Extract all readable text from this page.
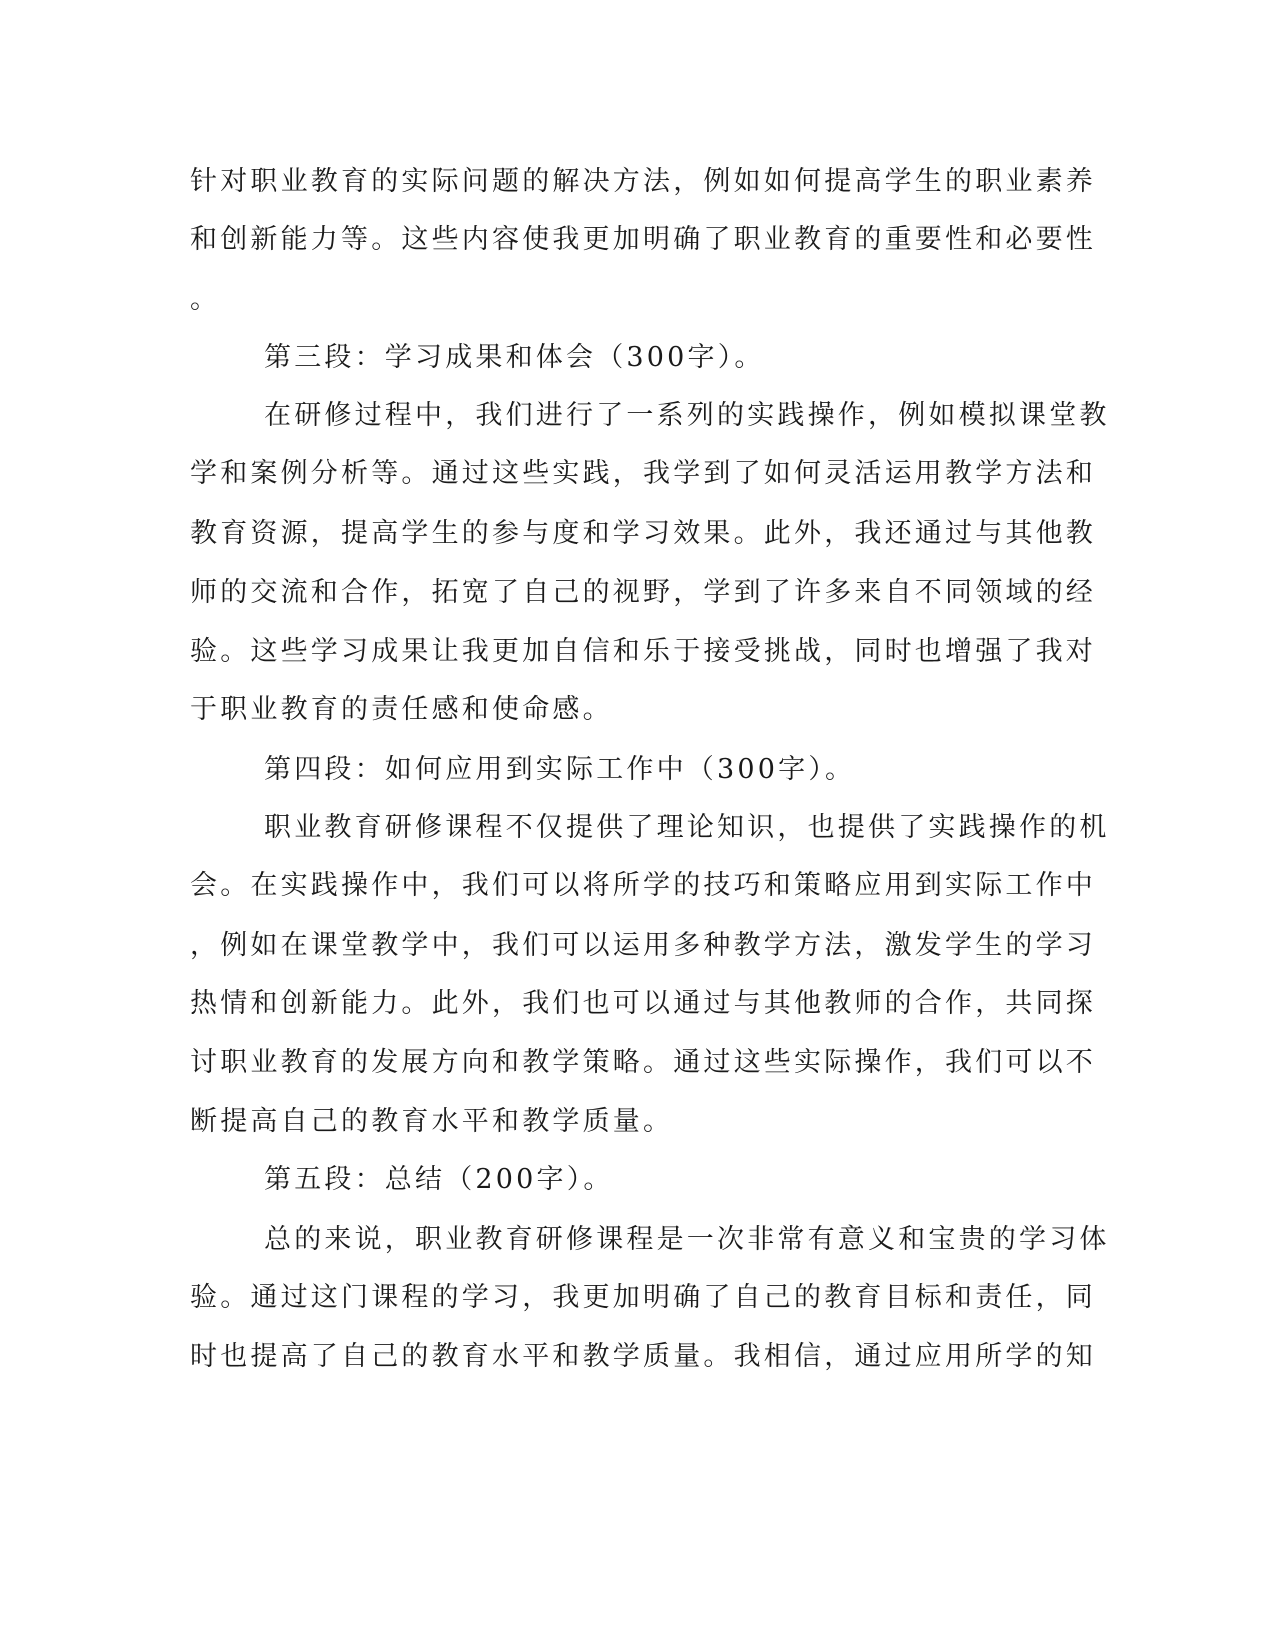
针对职业教育的实际问题的解决方法，例如如何提高学生的职业素养

和创新能力等。这些内容使我更加明确了职业教育的重要性和必要性

。

第三段：学习成果和体会（300字）。

在研修过程中，我们进行了一系列的实践操作，例如模拟课堂教

学和案例分析等。通过这些实践，我学到了如何灵活运用教学方法和

教育资源，提高学生的参与度和学习效果。此外，我还通过与其他教

师的交流和合作，拓宽了自己的视野，学到了许多来自不同领域的经

验。这些学习成果让我更加自信和乐于接受挑战，同时也增强了我对

于职业教育的责任感和使命感。

第四段：如何应用到实际工作中（300字）。

职业教育研修课程不仅提供了理论知识，也提供了实践操作的机

会。在实践操作中，我们可以将所学的技巧和策略应用到实际工作中

，例如在课堂教学中，我们可以运用多种教学方法，激发学生的学习

热情和创新能力。此外，我们也可以通过与其他教师的合作，共同探

讨职业教育的发展方向和教学策略。通过这些实际操作，我们可以不

断提高自己的教育水平和教学质量。

第五段：总结（200字）。

总的来说，职业教育研修课程是一次非常有意义和宝贵的学习体

验。通过这门课程的学习，我更加明确了自己的教育目标和责任，同

时也提高了自己的教育水平和教学质量。我相信，通过应用所学的知
